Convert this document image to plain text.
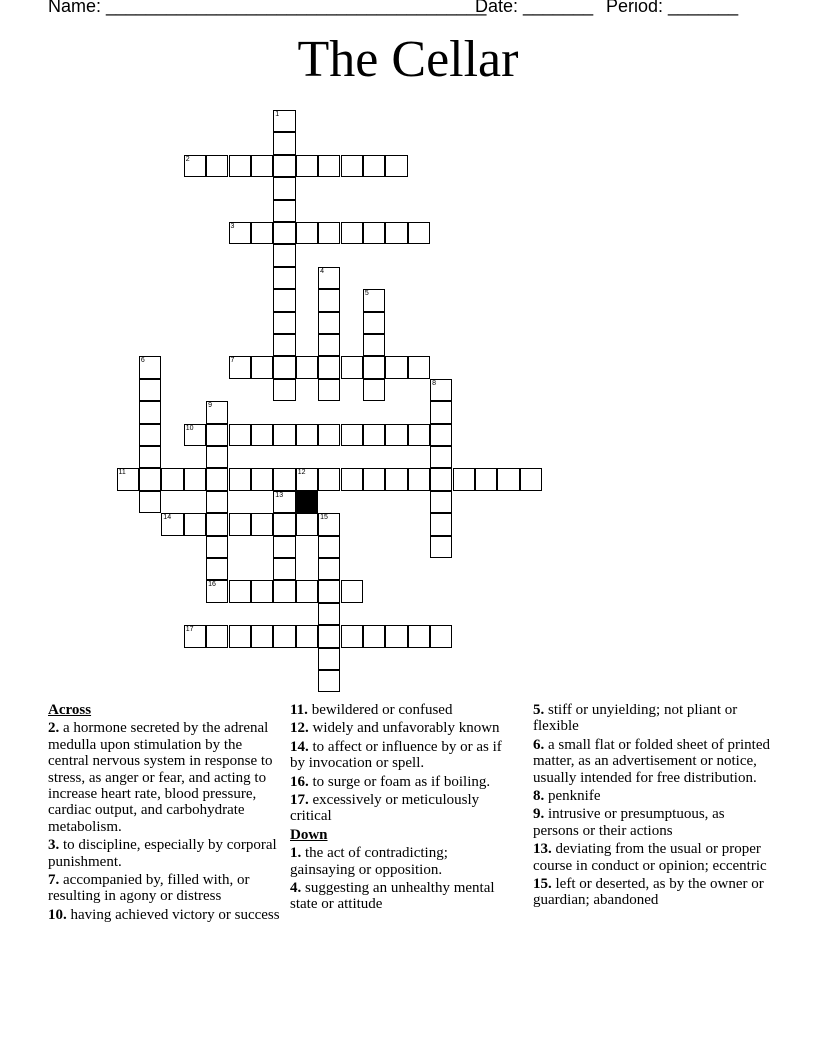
Name: ______________________________________
Date: _______ Period: _______
The Cellar
1
2
3
4
5
6	7
8
9
16
10
11	12
13
14	15
17
Across
2. a hormone secreted by the adrenal medulla upon stimulation by the central nervous system in response to stress, as anger or fear, and acting to increase heart rate, blood pressure, cardiac output, and carbohydrate metabolism.
3. to discipline, especially by corporal punishment.
7. accompanied by, filled with, or resulting in agony or distress
10. having achieved victory or success
11. bewildered or confused
12. widely and unfavorably known
14. to affect or influence by or as if by invocation or spell.
16. to surge or foam as if boiling.
17. excessively or meticulously critical
Down
1. the act of contradicting; gainsaying or opposition.
4. suggesting an unhealthy mental state or attitude
5. stiff or unyielding; not pliant or flexible
6. a small flat or folded sheet of printed matter, as an advertisement or notice, usually intended for free distribution.
8. penknife
9. intrusive or presumptuous, as persons or their actions
13. deviating from the usual or proper course in conduct or opinion; eccentric
15. left or deserted, as by the owner or guardian; abandoned
